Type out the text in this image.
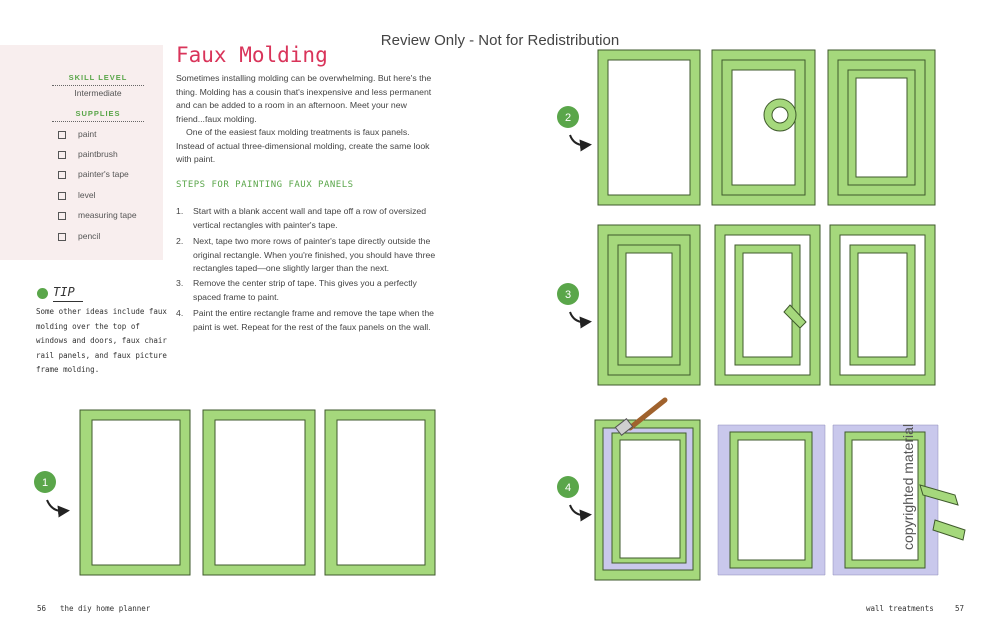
Review Only - Not for Redistribution
SKILL LEVEL
Intermediate
SUPPLIES
paint
paintbrush
painter's tape
level
measuring tape
pencil
TIP
Some other ideas include faux molding over the top of windows and doors, faux chair rail panels, and faux picture frame molding.
Faux Molding

Sometimes installing molding can be overwhelming. But here's the thing. Molding has a cousin that's inexpensive and less permanent and can be added to a room in an afternoon. Meet your new friend...faux molding.

One of the easiest faux molding treatments is faux panels. Instead of actual three-dimensional molding, create the same look with paint.

STEPS FOR PAINTING FAUX PANELS
1. Start with a blank accent wall and tape off a row of oversized vertical rectangles with painter's tape.
2. Next, tape two more rows of painter's tape directly outside the original rectangle. When you're finished, you should have three rectangles taped—one slightly larger than the next.
3. Remove the center strip of tape. This gives you a perfectly spaced frame to paint.
4. Paint the entire rectangle frame and remove the tape when the paint is wet. Repeat for the rest of the faux panels on the wall.
1
2
3
4	copyrighted material
56 the diy home planner	wall treatments	57
